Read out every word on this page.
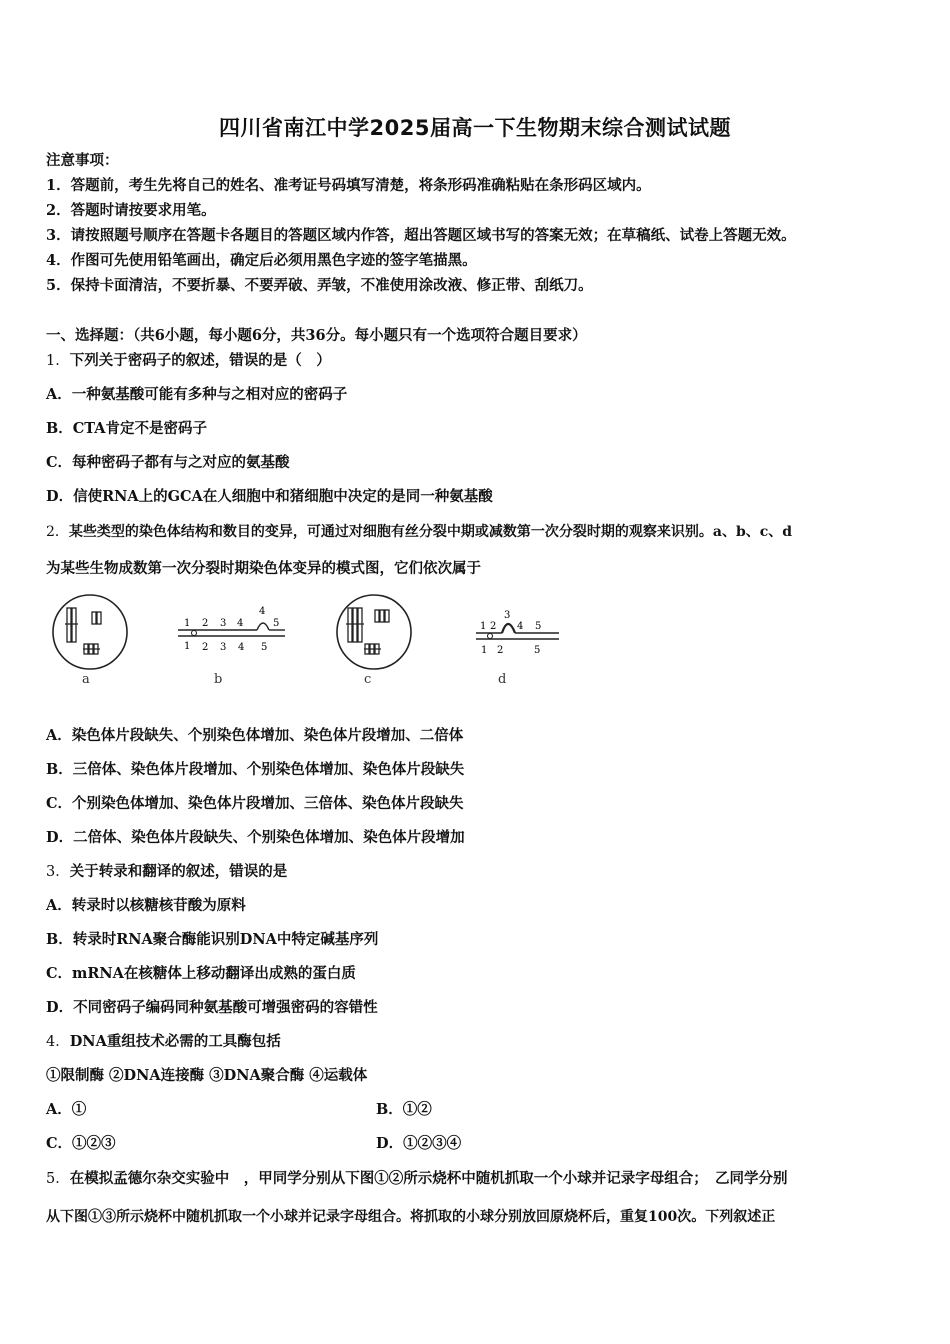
四川省南江中学2025届高一下生物期末综合测试试题
注意事项：
1．答题前，考生先将自己的姓名、准考证号码填写清楚，将条形码准确粘贴在条形码区域内。
2．答题时请按要求用笔。
3．请按照题号顺序在答题卡各题目的答题区域内作答，超出答题区域书写的答案无效；在草稿纸、试卷上答题无效。
4．作图可先使用铅笔画出，确定后必须用黑色字迹的签字笔描黑。
5．保持卡面清洁，不要折暴、不要弄破、弄皱，不准使用涂改液、修正带、刮纸刀。
一、选择题：（共6小题，每小题6分，共36分。每小题只有一个选项符合题目要求）
1．下列关于密码子的叙述，错误的是（　）
A．一种氨基酸可能有多种与之相对应的密码子
B．CTA肯定不是密码子
C．每种密码子都有与之对应的氨基酸
D．信使RNA上的GCA在人细胞中和猪细胞中决定的是同一种氨基酸
2．某些类型的染色体结构和数目的变异，可通过对细胞有丝分裂中期或减数第一次分裂时期的观察来识别。a、b、c、d
为某些生物成数第一次分裂时期染色体变异的模式图，它们依次属于
a
1 2 3 4
4
5
1 2 3 4 5
b	c
1 2
3
4 5
1 2	5
d
A．染色体片段缺失、个别染色体增加、染色体片段增加、二倍体
B．三倍体、染色体片段增加、个别染色体增加、染色体片段缺失
C．个别染色体增加、染色体片段增加、三倍体、染色体片段缺失
D．二倍体、染色体片段缺失、个别染色体增加、染色体片段增加
3．关于转录和翻译的叙述，错误的是
A．转录时以核糖核苷酸为原料
B．转录时RNA聚合酶能识别DNA中特定碱基序列
C．mRNA在核糖体上移动翻译出成熟的蛋白质
D．不同密码子编码同种氨基酸可增强密码的容错性
4．DNA重组技术必需的工具酶包括
①限制酶 ②DNA连接酶 ③DNA聚合酶 ④运载体
A．①	B．①②
C．①②③	D．①②③④
5．在模拟孟德尔杂交实验中　，甲同学分别从下图①②所示烧杯中随机抓取一个小球并记录字母组合；　乙同学分别
从下图①③所示烧杯中随机抓取一个小球并记录字母组合。将抓取的小球分别放回原烧杯后，重复100次。下列叙述正
